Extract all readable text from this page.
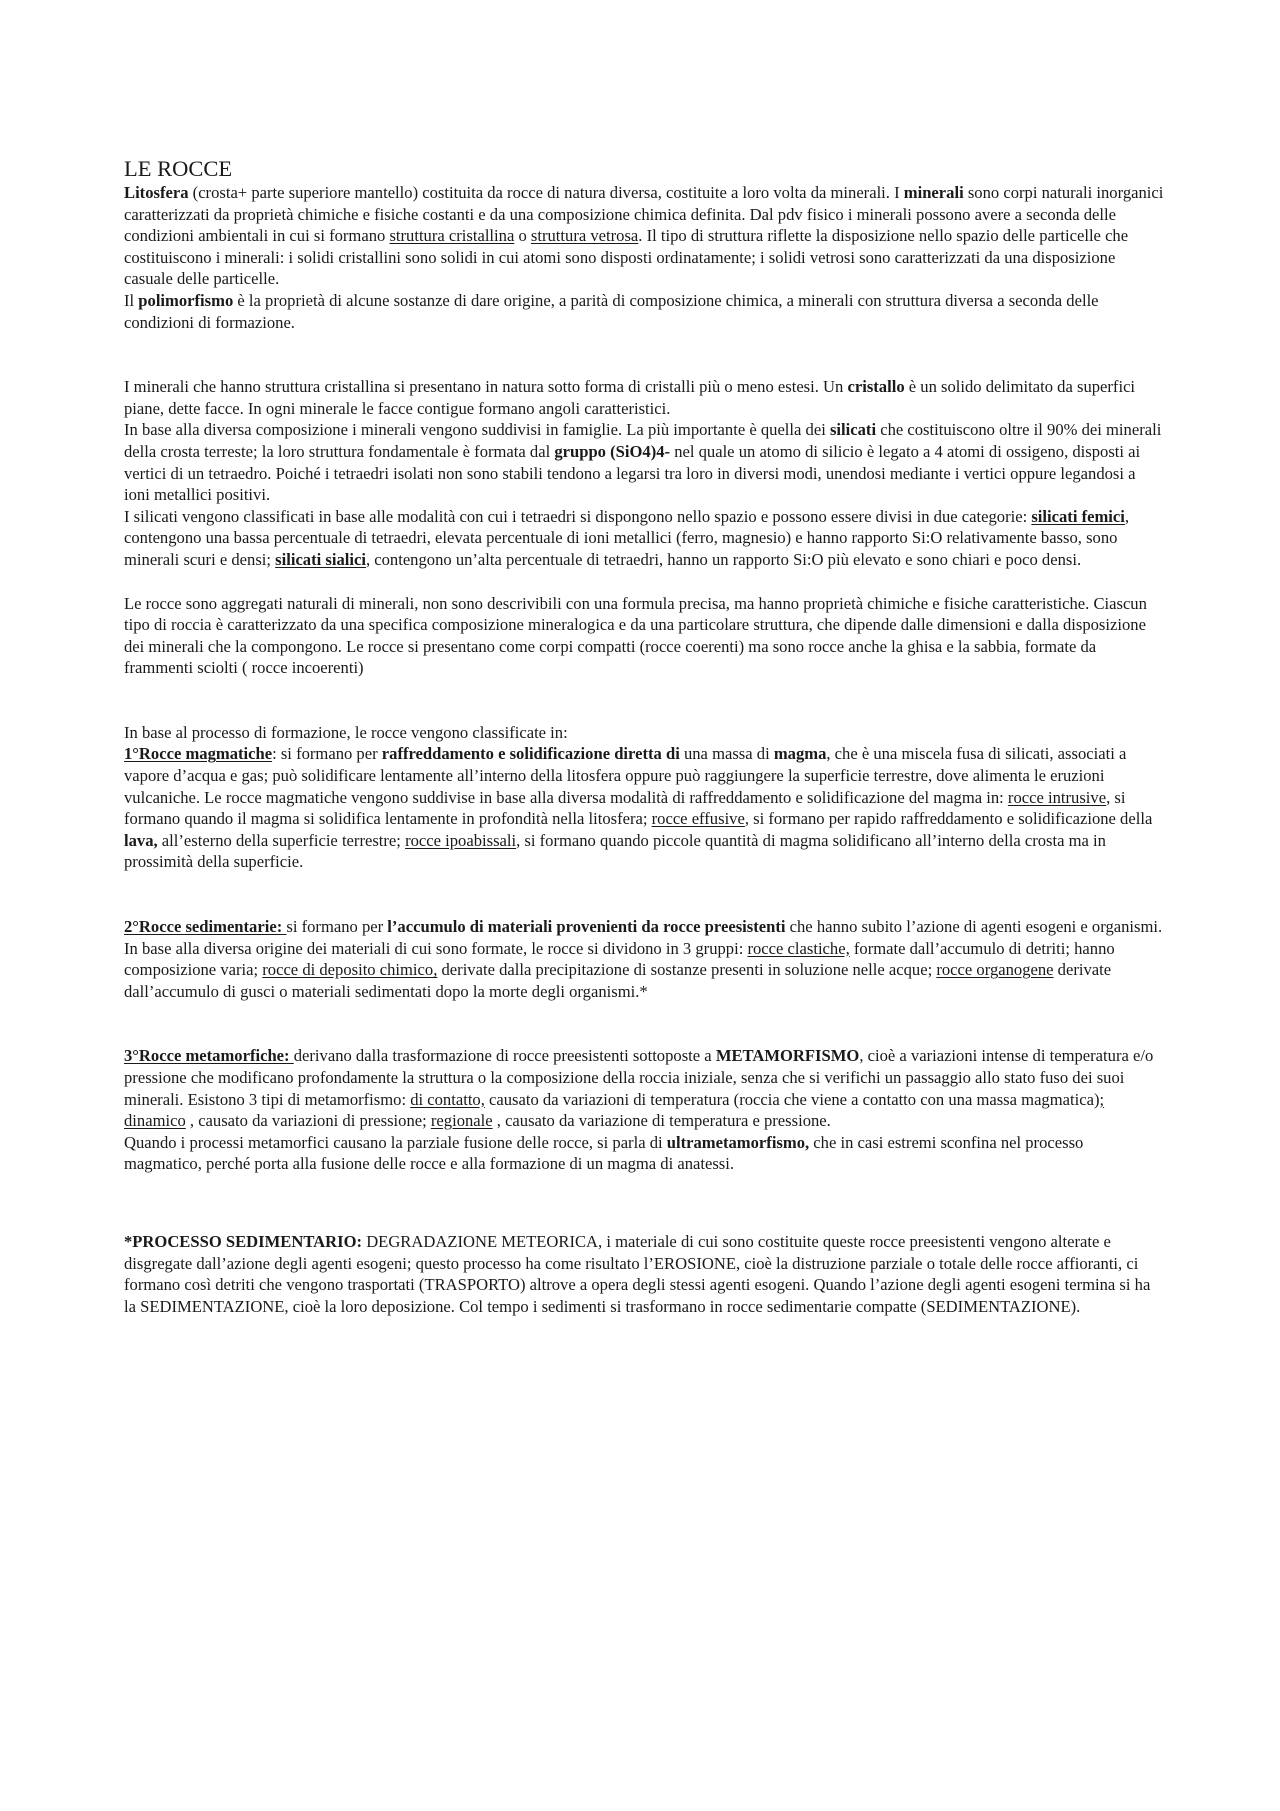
LE ROCCE

Litosfera (crosta+ parte superiore mantello) costituita da rocce di natura diversa, costituite a loro volta da minerali. I minerali sono corpi naturali inorganici caratterizzati da proprietà chimiche e fisiche costanti e da una composizione chimica definita. Dal pdv fisico i minerali possono avere a seconda delle condizioni ambientali in cui si formano struttura cristallina o struttura vetrosa. Il tipo di struttura riflette la disposizione nello spazio delle particelle che costituiscono i minerali: i solidi cristallini sono solidi in cui atomi sono disposti ordinatamente; i solidi vetrosi sono caratterizzati da una disposizione casuale delle particelle.

Il polimorfismo è la proprietà di alcune sostanze di dare origine, a parità di composizione chimica, a minerali con struttura diversa a seconda delle condizioni di formazione.

I minerali che hanno struttura cristallina si presentano in natura sotto forma di cristalli più o meno estesi. Un cristallo è un solido delimitato da superfici piane, dette facce. In ogni minerale le facce contigue formano angoli caratteristici.

In base alla diversa composizione i minerali vengono suddivisi in famiglie. La più importante è quella dei silicati che costituiscono oltre il 90% dei minerali della crosta terreste; la loro struttura fondamentale è formata dal gruppo (SiO4)4- nel quale un atomo di silicio è legato a 4 atomi di ossigeno, disposti ai vertici di un tetraedro. Poiché i tetraedri isolati non sono stabili tendono a legarsi tra loro in diversi modi, unendosi mediante i vertici oppure legandosi a ioni metallici positivi.

I silicati vengono classificati in base alle modalità con cui i tetraedri si dispongono nello spazio e possono essere divisi in due categorie: silicati femici, contengono una bassa percentuale di tetraedri, elevata percentuale di ioni metallici (ferro, magnesio) e hanno rapporto Si:O relativamente basso, sono minerali scuri e densi; silicati sialici, contengono un’alta percentuale di tetraedri, hanno un rapporto Si:O più elevato e sono chiari e poco densi.

Le rocce sono aggregati naturali di minerali, non sono descrivibili con una formula precisa, ma hanno proprietà chimiche e fisiche caratteristiche. Ciascun tipo di roccia è caratterizzato da una specifica composizione mineralogica e da una particolare struttura, che dipende dalle dimensioni e dalla disposizione dei minerali che la compongono. Le rocce si presentano come corpi compatti (rocce coerenti) ma sono rocce anche la ghisa e la sabbia, formate da frammenti sciolti ( rocce incoerenti)

In base al processo di formazione, le rocce vengono classificate in:

1°Rocce magmatiche: si formano per raffreddamento e solidificazione diretta di una massa di magma, che è una miscela fusa di silicati, associati a vapore d’acqua e gas; può solidificare lentamente all’interno della litosfera oppure può raggiungere la superficie terrestre, dove alimenta le eruzioni vulcaniche. Le rocce magmatiche vengono suddivise in base alla diversa modalità di raffreddamento e solidificazione del magma in: rocce intrusive, si formano quando il magma si solidifica lentamente in profondità nella litosfera; rocce effusive, si formano per rapido raffreddamento e solidificazione della lava, all’esterno della superficie terrestre; rocce ipoabissali, si formano quando piccole quantità di magma solidificano all’interno della crosta ma in prossimità della superficie.

2°Rocce sedimentarie: si formano per l’accumulo di materiali provenienti da rocce preesistenti che hanno subito l’azione di agenti esogeni e organismi. In base alla diversa origine dei materiali di cui sono formate, le rocce si dividono in 3 gruppi: rocce clastiche, formate dall’accumulo di detriti; hanno composizione varia; rocce di deposito chimico, derivate dalla precipitazione di sostanze presenti in soluzione nelle acque; rocce organogene derivate dall’accumulo di gusci o materiali sedimentati dopo la morte degli organismi.*

3°Rocce metamorfiche: derivano dalla trasformazione di rocce preesistenti sottoposte a METAMORFISMO, cioè a variazioni intense di temperatura e/o pressione che modificano profondamente la struttura o la composizione della roccia iniziale, senza che si verifichi un passaggio allo stato fuso dei suoi minerali. Esistono 3 tipi di metamorfismo: di contatto, causato da variazioni di temperatura (roccia che viene a contatto con una massa magmatica); dinamico , causato da variazioni di pressione; regionale , causato da variazione di temperatura e pressione.

Quando i processi metamorfici causano la parziale fusione delle rocce, si parla di ultrametamorfismo, che in casi estremi sconfina nel processo magmatico, perché porta alla fusione delle rocce e alla formazione di un magma di anatessi.

*PROCESSO SEDIMENTARIO: DEGRADAZIONE METEORICA, i materiale di cui sono costituite queste rocce preesistenti vengono alterate e disgregate dall’azione degli agenti esogeni; questo processo ha come risultato l’EROSIONE, cioè la distruzione parziale o totale delle rocce affioranti, ci formano così detriti che vengono trasportati (TRASPORTO) altrove a opera degli stessi agenti esogeni. Quando l’azione degli agenti esogeni termina si ha la SEDIMENTAZIONE, cioè la loro deposizione. Col tempo i sedimenti si trasformano in rocce sedimentarie compatte (SEDIMENTAZIONE).
